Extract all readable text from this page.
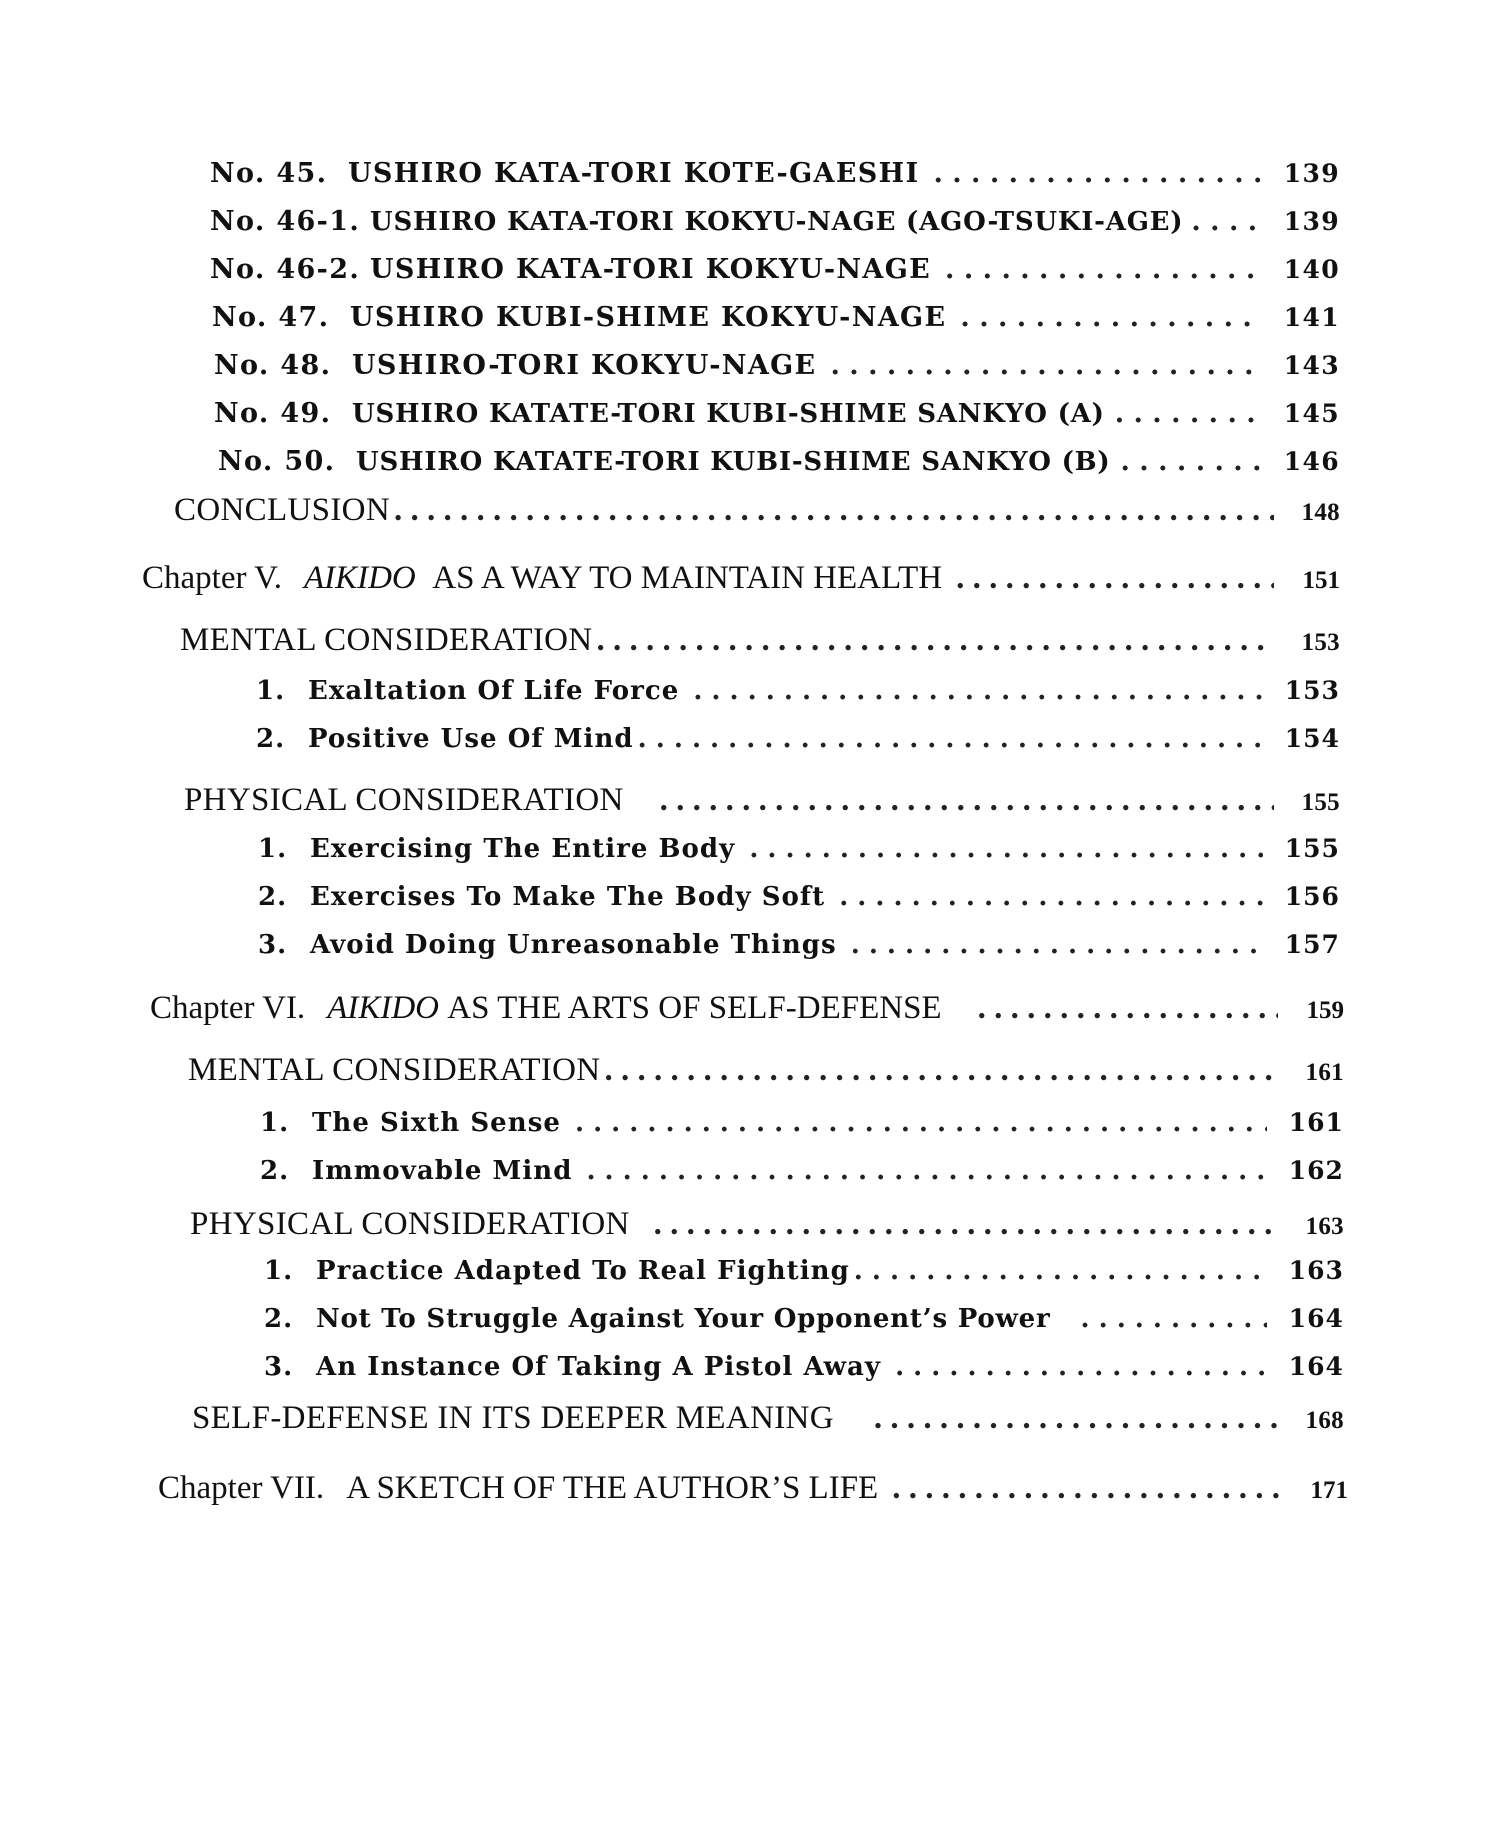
No. 45. USHIRO KATA-TORI KOTE-GAESHI . . .	139
No. 46-1. USHIRO KATA-TORI KOKYU-NAGE (AGO-TSUKI-AGE) . . .	139
No. 46-2. USHIRO KATA-TORI KOKYU-NAGE . . .	140
No. 47. USHIRO KUBI-SHIME KOKYU-NAGE . . .	141
No. 48. USHIRO-TORI KOKYU-NAGE . . .	143
No. 49. USHIRO KATATE-TORI KUBI-SHIME SANKYO (A) . . .	145
No. 50. USHIRO KATATE-TORI KUBI-SHIME SANKYO (B) . . .	146
CONCLUSION . . .	148
Chapter V. AIKIDO AS A WAY TO MAINTAIN HEALTH . . .	151
MENTAL CONSIDERATION . . .	153
1. Exaltation Of Life Force . . .	153
2. Positive Use Of Mind . . .	154
PHYSICAL CONSIDERATION . . .	155
1. Exercising The Entire Body . . .	155
2. Exercises To Make The Body Soft . . .	156
3. Avoid Doing Unreasonable Things . . .	157
Chapter VI. AIKIDO AS THE ARTS OF SELF-DEFENSE . . .	159
MENTAL CONSIDERATION . . .	161
1. The Sixth Sense . . .	161
2. Immovable Mind . . .	162
PHYSICAL CONSIDERATION . . .	163
1. Practice Adapted To Real Fighting . . .	163
2. Not To Struggle Against Your Opponent’s Power . . .	164
3. An Instance Of Taking A Pistol Away . . .	164
SELF-DEFENSE IN ITS DEEPER MEANING . . .	168
Chapter VII. A SKETCH OF THE AUTHOR’S LIFE . . .	171
